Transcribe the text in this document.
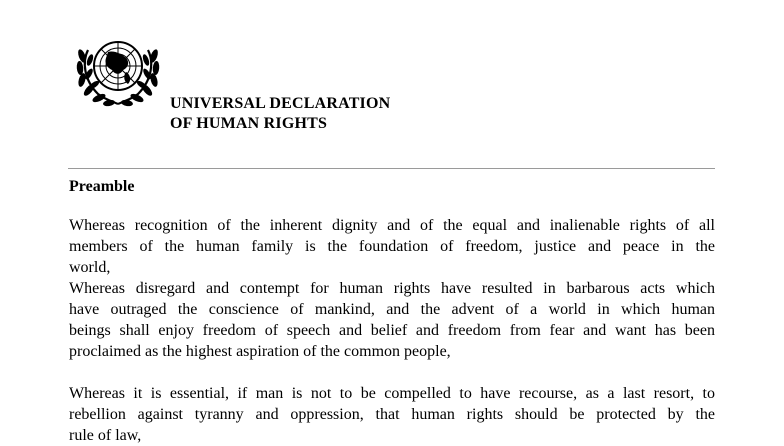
UNIVERSAL DECLARATION
OF HUMAN RIGHTS
Preamble
Whereas recognition of the inherent dignity and of the equal and inalienable rights of all
members of the human family is the foundation of freedom, justice and peace in the
world,
Whereas disregard and contempt for human rights have resulted in barbarous acts which
have outraged the conscience of mankind, and the advent of a world in which human
beings shall enjoy freedom of speech and belief and freedom from fear and want has been
proclaimed as the highest aspiration of the common people,
Whereas it is essential, if man is not to be compelled to have recourse, as a last resort, to
rebellion against tyranny and oppression, that human rights should be protected by the
rule of law,
